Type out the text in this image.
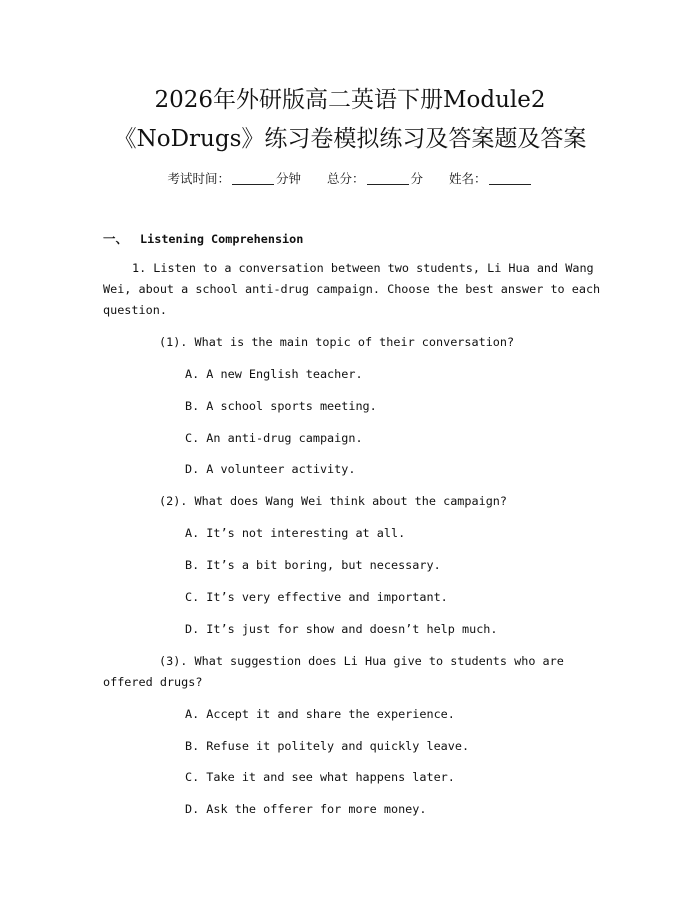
2026年外研版高二英语下册Module2
《NoDrugs》练习卷模拟练习及答案题及答案
考试时间：	分钟 总分：	分 姓名：
一、 Listening Comprehension
1. Listen to a conversation between two students, Li Hua and Wang
Wei, about a school anti-drug campaign. Choose the best answer to each
question.
(1). What is the main topic of their conversation?
A. A new English teacher.
B. A school sports meeting.
C. An anti-drug campaign.
D. A volunteer activity.
(2). What does Wang Wei think about the campaign?
A. It’s not interesting at all.
B. It’s a bit boring, but necessary.
C. It’s very effective and important.
D. It’s just for show and doesn’t help much.
(3). What suggestion does Li Hua give to students who are
offered drugs?
A. Accept it and share the experience.
B. Refuse it politely and quickly leave.
C. Take it and see what happens later.
D. Ask the offerer for more money.
